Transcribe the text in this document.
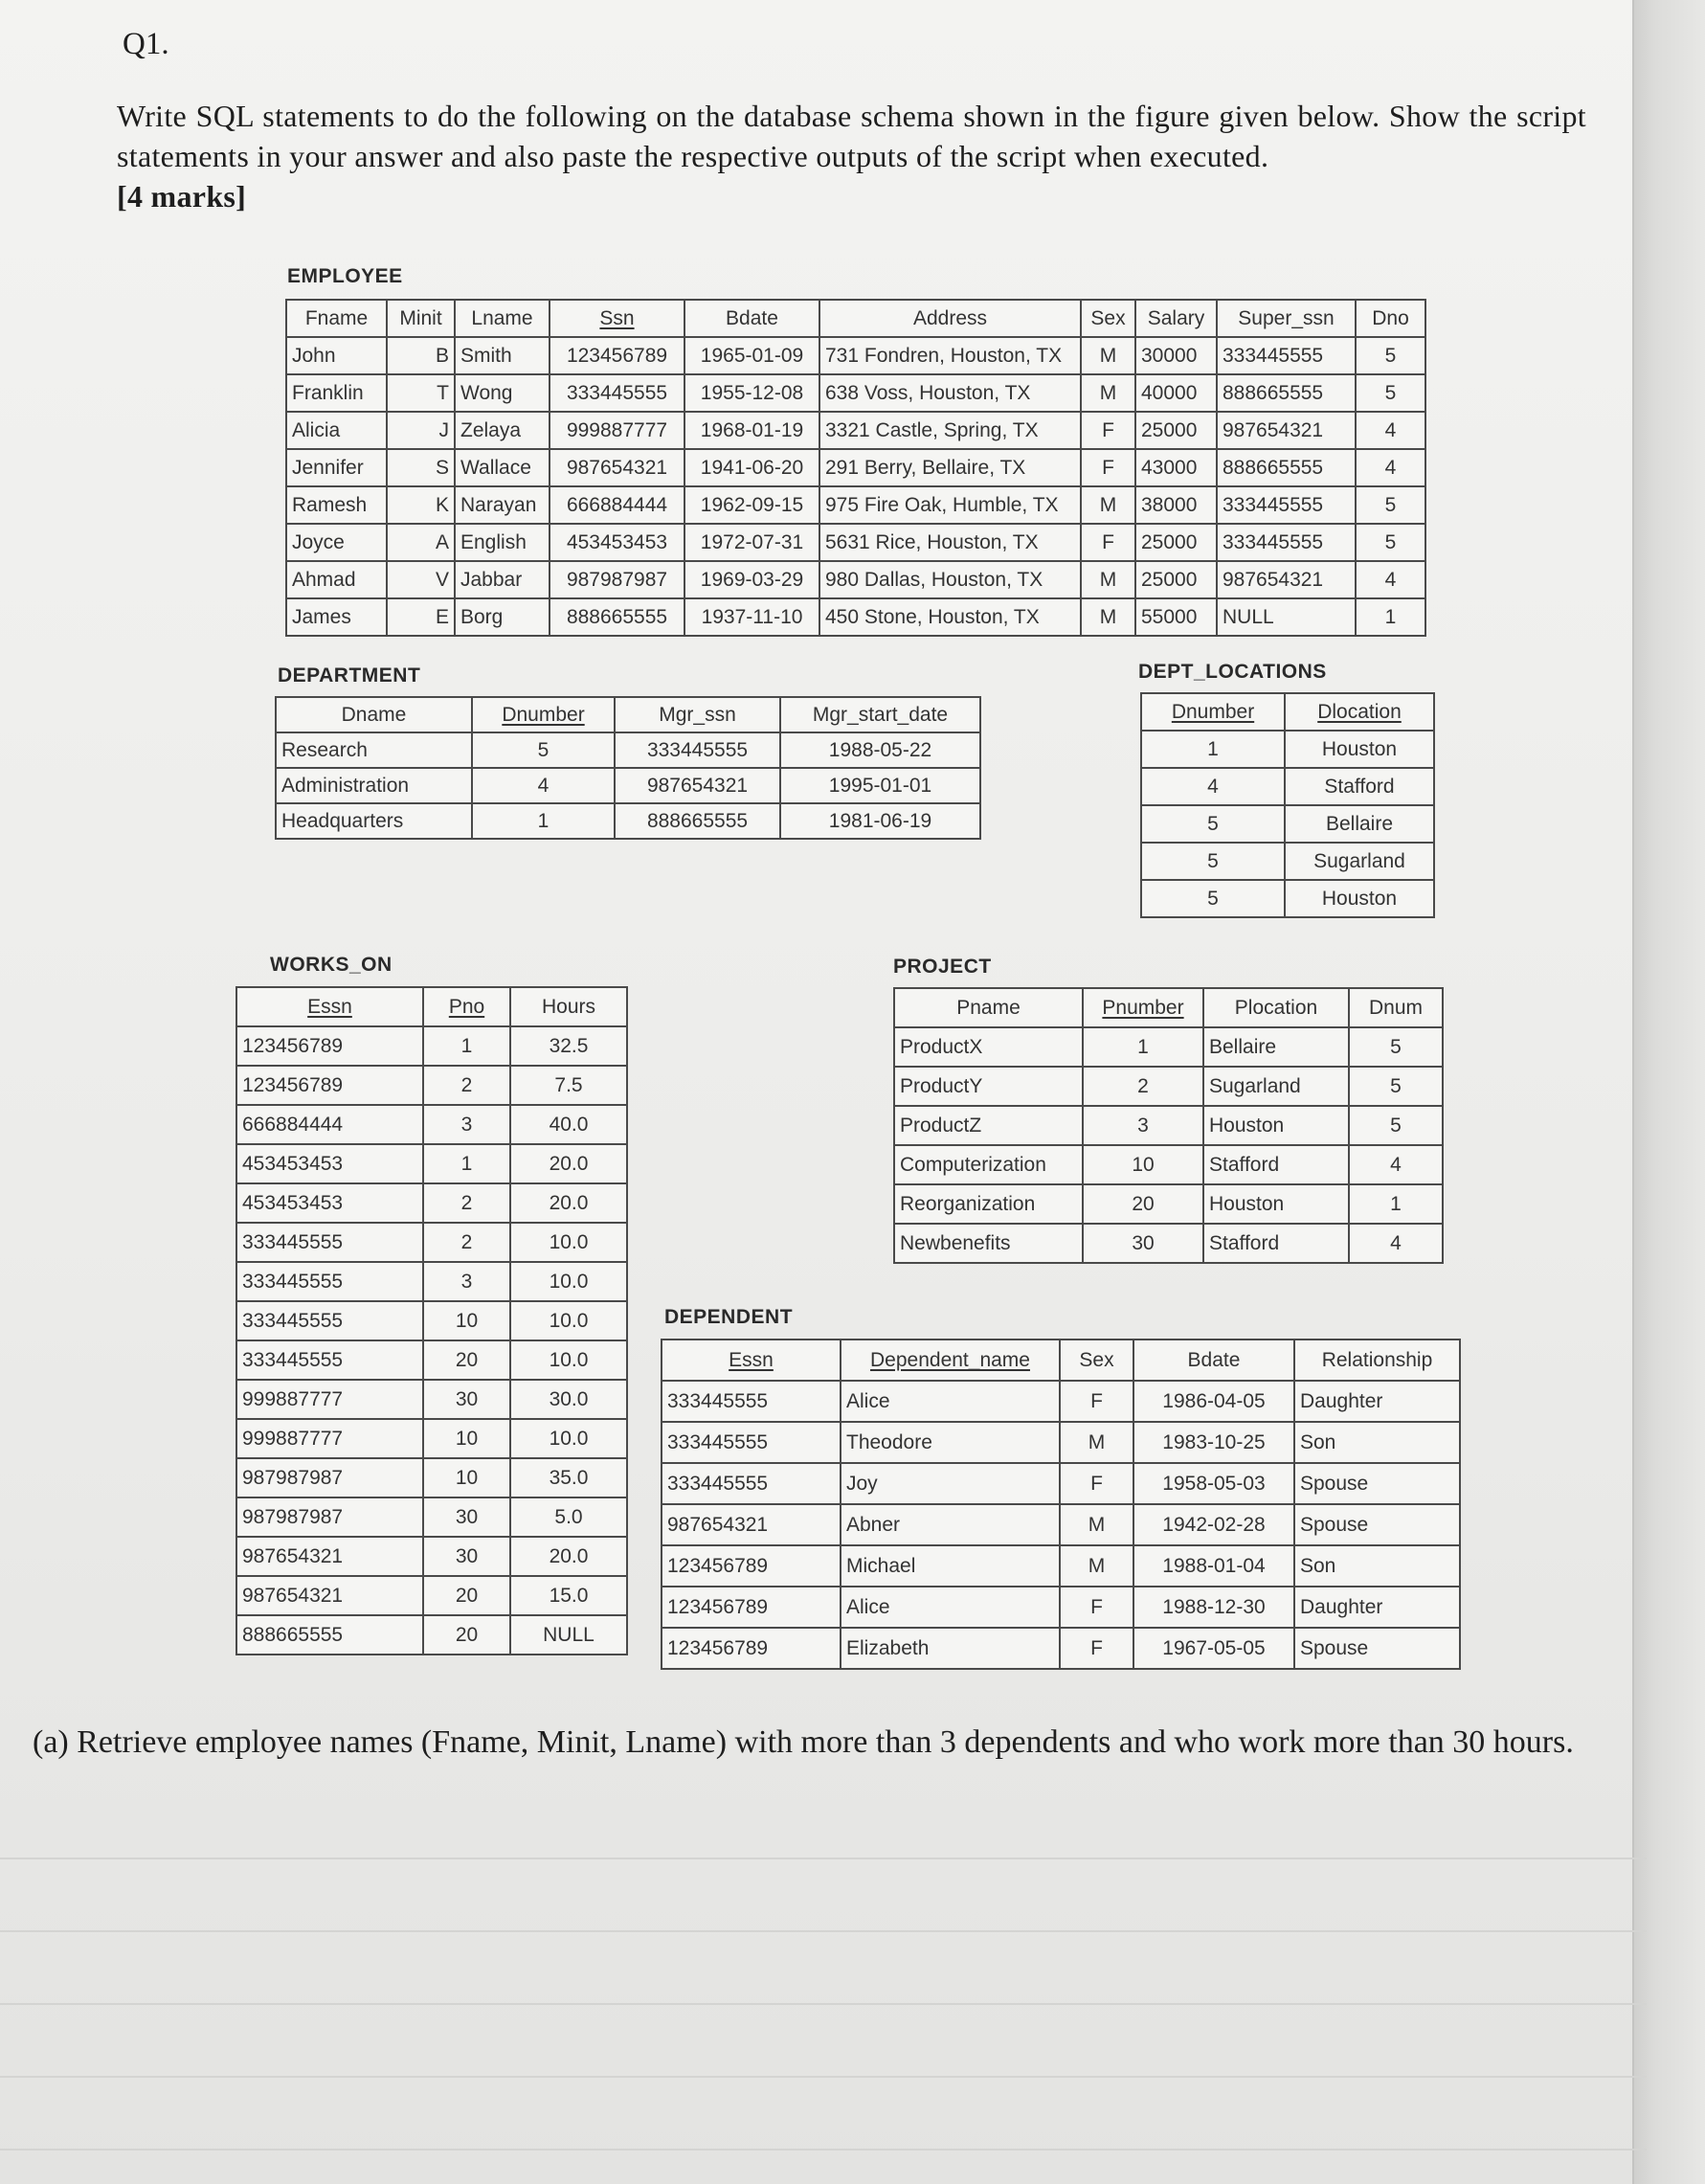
Q1.
Write SQL statements to do the following on the database schema shown in the figure given below. Show the script statements in your answer and also paste the respective outputs of the script when executed.
[4 marks]
EMPLOYEE
Fname	Minit	Lname	Ssn	Bdate	Address	Sex	Salary	Super_ssn	Dno
John	B	Smith	123456789	1965-01-09	731 Fondren, Houston, TX	M	30000	333445555	5
Franklin	T	Wong	333445555	1955-12-08	638 Voss, Houston, TX	M	40000	888665555	5
Alicia	J	Zelaya	999887777	1968-01-19	3321 Castle, Spring, TX	F	25000	987654321	4
Jennifer	S	Wallace	987654321	1941-06-20	291 Berry, Bellaire, TX	F	43000	888665555	4
Ramesh	K	Narayan	666884444	1962-09-15	975 Fire Oak, Humble, TX	M	38000	333445555	5
Joyce	A	English	453453453	1972-07-31	5631 Rice, Houston, TX	F	25000	333445555	5
Ahmad	V	Jabbar	987987987	1969-03-29	980 Dallas, Houston, TX	M	25000	987654321	4
James	E	Borg	888665555	1937-11-10	450 Stone, Houston, TX	M	55000	NULL	1
DEPARTMENT
Dname	Dnumber	Mgr_ssn	Mgr_start_date
Research	5	333445555	1988-05-22
Administration	4	987654321	1995-01-01
Headquarters	1	888665555	1981-06-19
DEPT_LOCATIONS
Dnumber	Dlocation
1	Houston
4	Stafford
5	Bellaire
5	Sugarland
5	Houston
WORKS_ON
Essn	Pno	Hours
123456789	1	32.5
123456789	2	7.5
666884444	3	40.0
453453453	1	20.0
453453453	2	20.0
333445555	2	10.0
333445555	3	10.0
333445555	10	10.0
333445555	20	10.0
999887777	30	30.0
999887777	10	10.0
987987987	10	35.0
987987987	30	5.0
987654321	30	20.0
987654321	20	15.0
888665555	20	NULL
PROJECT
Pname	Pnumber	Plocation	Dnum
ProductX	1	Bellaire	5
ProductY	2	Sugarland	5
ProductZ	3	Houston	5
Computerization	10	Stafford	4
Reorganization	20	Houston	1
Newbenefits	30	Stafford	4
DEPENDENT
Essn	Dependent_name	Sex	Bdate	Relationship
333445555	Alice	F	1986-04-05	Daughter
333445555	Theodore	M	1983-10-25	Son
333445555	Joy	F	1958-05-03	Spouse
987654321	Abner	M	1942-02-28	Spouse
123456789	Michael	M	1988-01-04	Son
123456789	Alice	F	1988-12-30	Daughter
123456789	Elizabeth	F	1967-05-05	Spouse
(a) Retrieve employee names (Fname, Minit, Lname) with more than 3 dependents and who work more than 30 hours.
